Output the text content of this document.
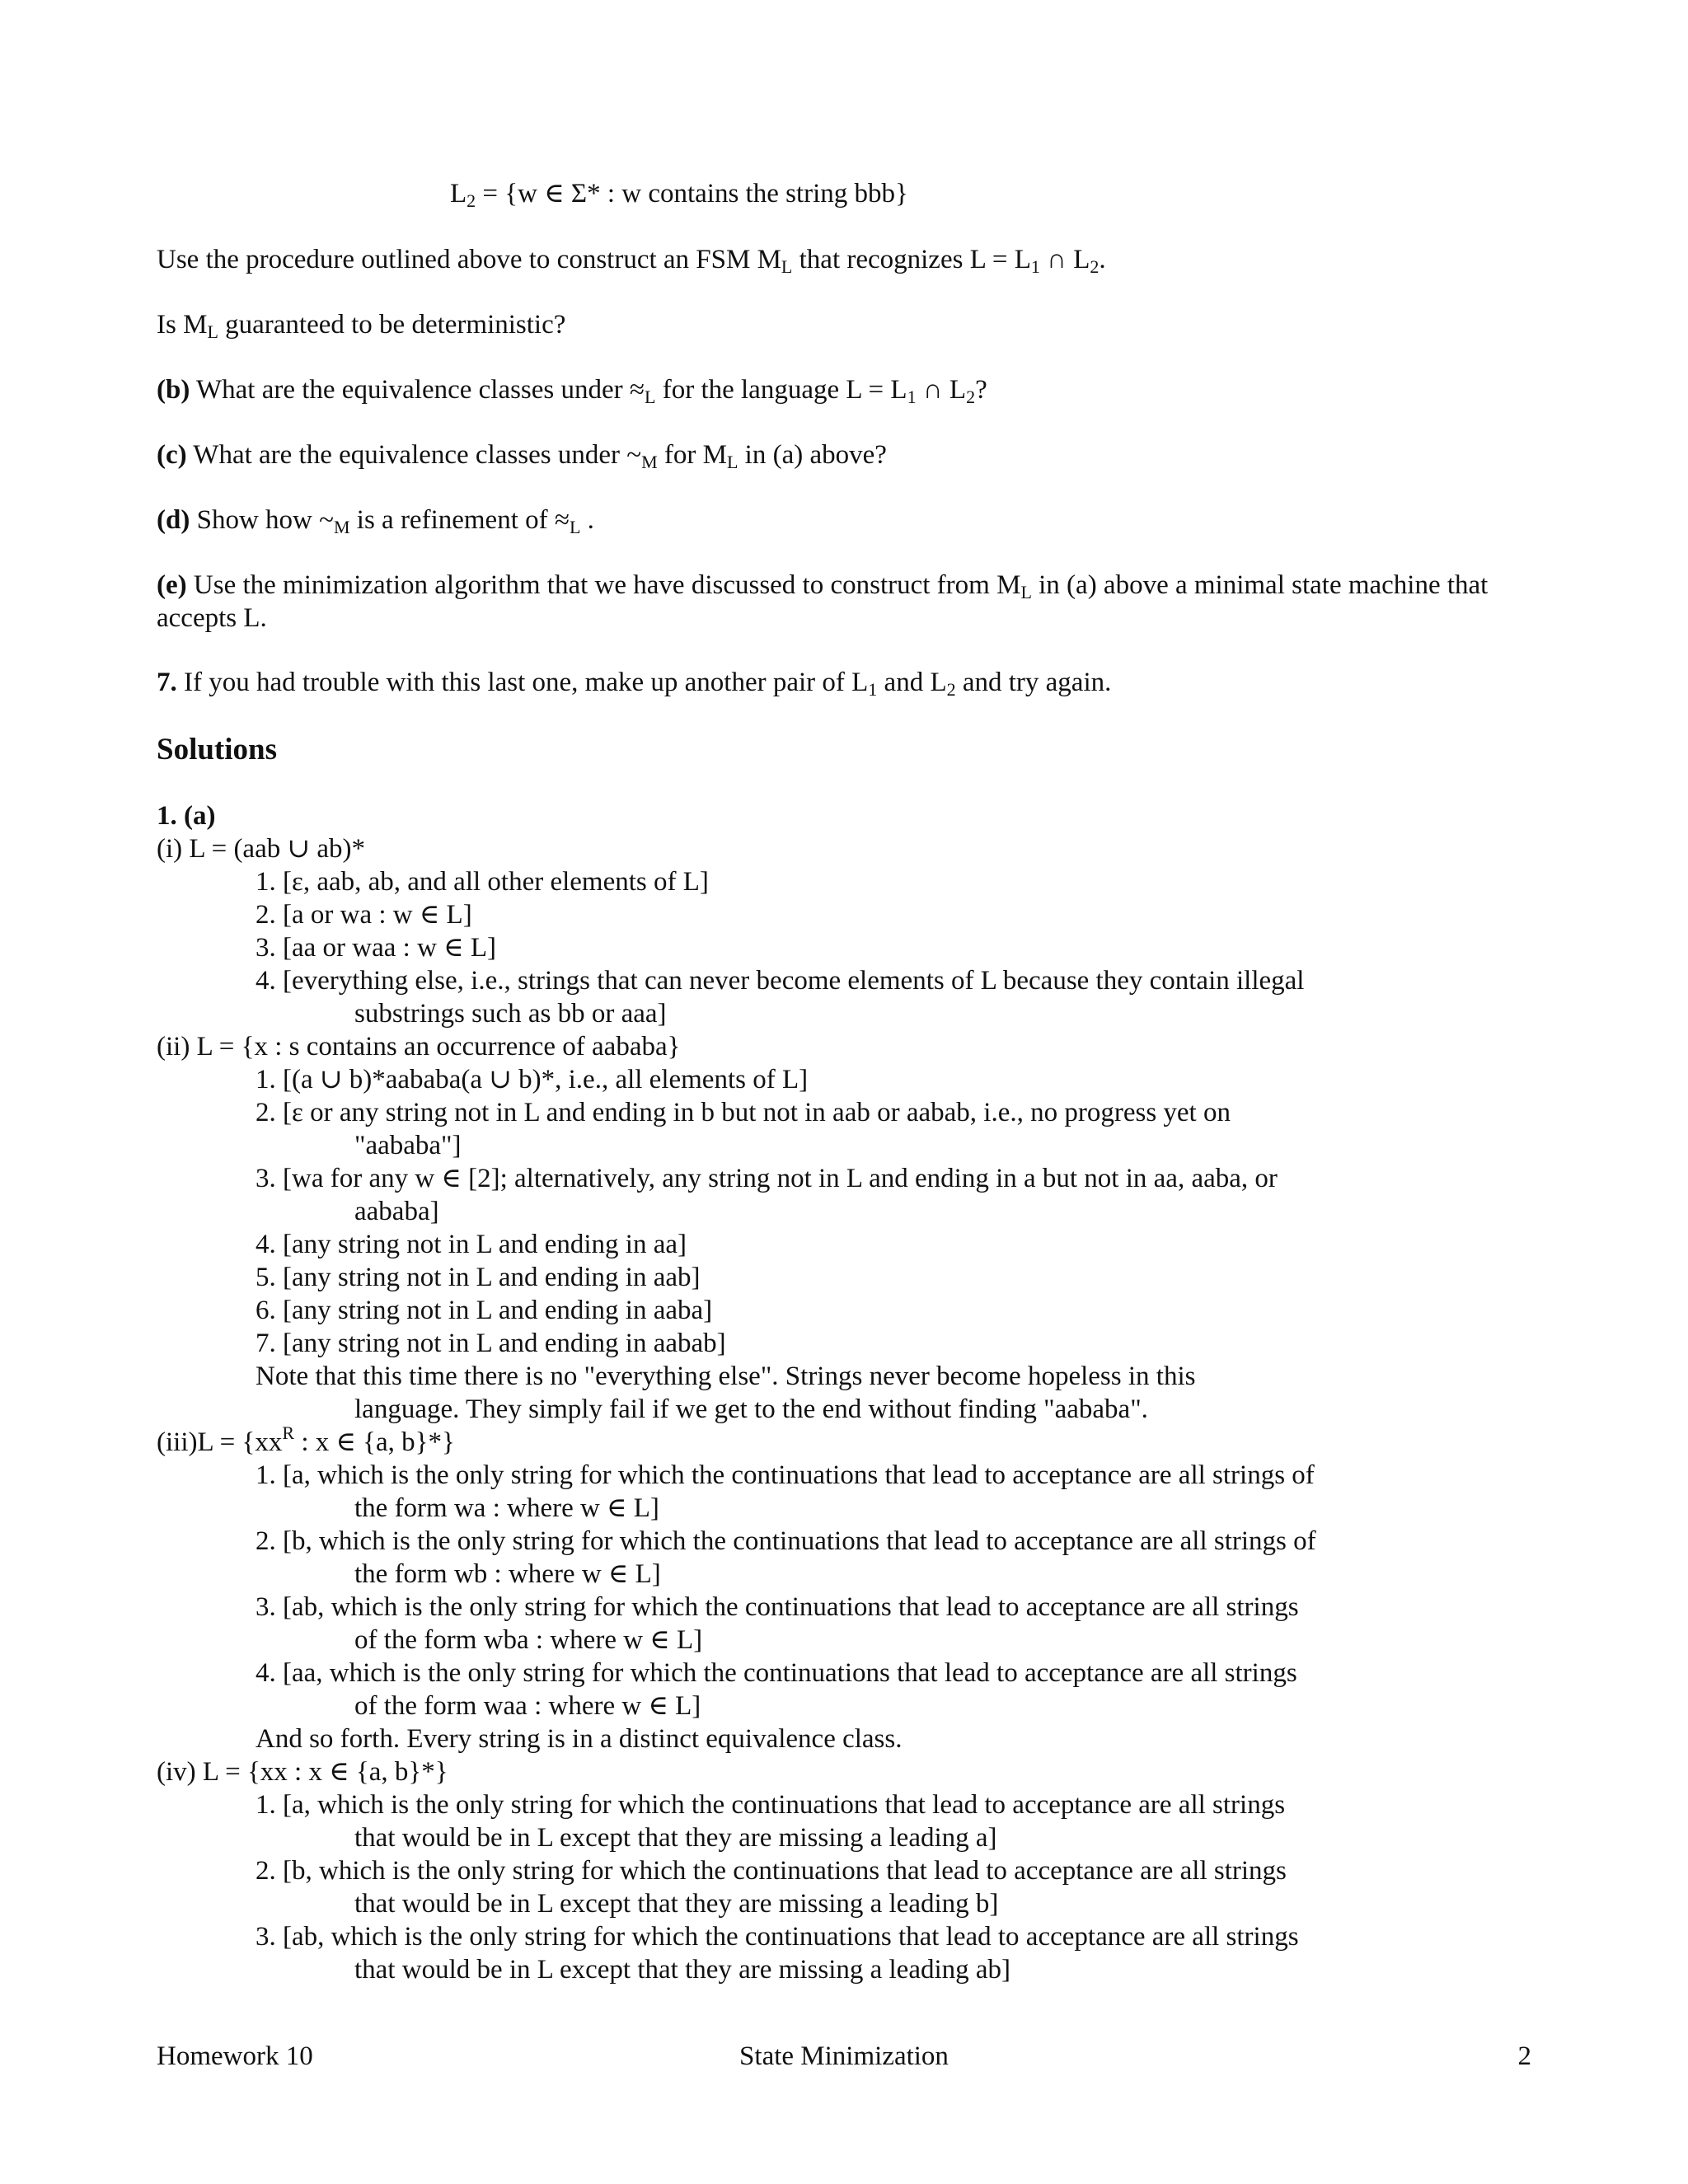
$L_2 = \{w$ ∈ Σ* : w contains the string bbb}
Use the procedure outlined above to construct an FSM $M_L$ that recognizes $L = L_1$ ∩ $L_2$.
Is $M_L$ guaranteed to be deterministic?
(b) What are the equivalence classes under $\approx_L$ for the language $L = L_1$ ∩ $L_2$?
(c) What are the equivalence classes under $\sim_M$ for $M_L$ in (a) above?
(d) Show how $\sim_M$ is a refinement of $\approx_L$ .
(e) Use the minimization algorithm that we have discussed to construct from $M_L$ in (a) above a minimal state machine that
accepts L.
7. If you had trouble with this last one, make up another pair of $L_1$ and $L_2$ and try again.
Solutions
1. (a)
(i) L = (aab ∪ ab)*
1. [ε, aab, ab, and all other elements of L]
2. [a or wa : w ∈ L]
3. [aa or waa : w ∈ L]
4. [everything else, i.e., strings that can never become elements of L because they contain illegal
substrings such as bb or aaa]
(ii) L = {x : s contains an occurrence of aababa}
1. [(a ∪ b)*aababa(a ∪ b)*, i.e., all elements of L]
2. [ε or any string not in L and ending in b but not in aab or aabab, i.e., no progress yet on
"aababa"]
3. [wa for any w ∈ [2]; alternatively, any string not in L and ending in a but not in aa, aaba, or
aababa]
4. [any string not in L and ending in aa]
5. [any string not in L and ending in aab]
6. [any string not in L and ending in aaba]
7. [any string not in L and ending in aabab]
Note that this time there is no "everything else". Strings never become hopeless in this
language. They simply fail if we get to the end without finding "aababa".
$(iii)L = \{xx^R$ : x ∈ {a, b}*}
1. [a, which is the only string for which the continuations that lead to acceptance are all strings of
the form wa : where w ∈ L]
2. [b, which is the only string for which the continuations that lead to acceptance are all strings of
the form wb : where w ∈ L]
3. [ab, which is the only string for which the continuations that lead to acceptance are all strings
of the form wba : where w ∈ L]
4. [aa, which is the only string for which the continuations that lead to acceptance are all strings
of the form waa : where w ∈ L]
And so forth. Every string is in a distinct equivalence class.
(iv) L = {xx : x ∈ {a, b}*}
1. [a, which is the only string for which the continuations that lead to acceptance are all strings
that would be in L except that they are missing a leading a]
2. [b, which is the only string for which the continuations that lead to acceptance are all strings
that would be in L except that they are missing a leading b]
3. [ab, which is the only string for which the continuations that lead to acceptance are all strings
that would be in L except that they are missing a leading ab]
Homework 10	State Minimization	2
